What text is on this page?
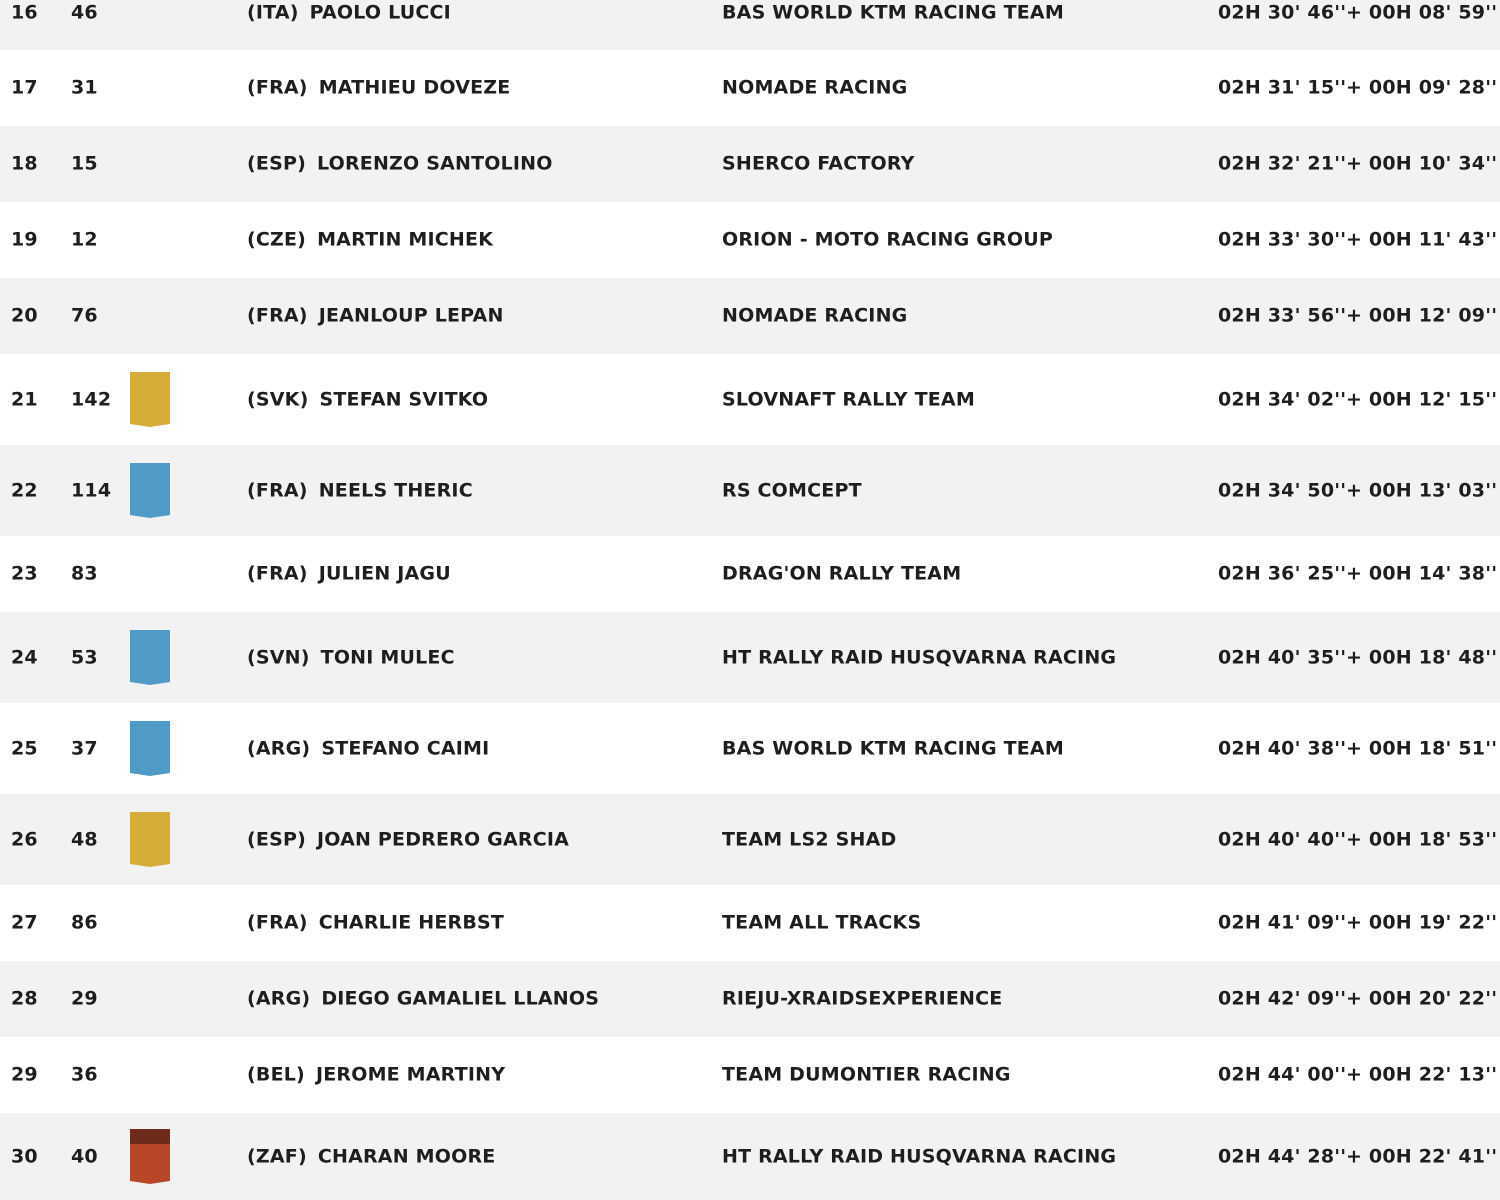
16 46	(ITA) PAOLO LUCCI	BAS WORLD KTM RACING TEAM	02H 30' 46'' + 00H 08' 59''
17 31	(FRA) MATHIEU DOVEZE	NOMADE RACING	02H 31' 15'' + 00H 09' 28''
18 15	(ESP) LORENZO SANTOLINO	SHERCO FACTORY	02H 32' 21'' + 00H 10' 34''
19 12	(CZE) MARTIN MICHEK	ORION - MOTO RACING GROUP	02H 33' 30'' + 00H 11' 43''
20 76	(FRA) JEANLOUP LEPAN	NOMADE RACING	02H 33' 56'' + 00H 12' 09''
21 142	(SVK) STEFAN SVITKO	SLOVNAFT RALLY TEAM	02H 34' 02'' + 00H 12' 15''
22 114	(FRA) NEELS THERIC	RS COMCEPT	02H 34' 50'' + 00H 13' 03''
23 83	(FRA) JULIEN JAGU	DRAG'ON RALLY TEAM	02H 36' 25'' + 00H 14' 38''
24 53	(SVN) TONI MULEC	HT RALLY RAID HUSQVARNA RACING	02H 40' 35'' + 00H 18' 48''
25 37	(ARG) STEFANO CAIMI	BAS WORLD KTM RACING TEAM	02H 40' 38'' + 00H 18' 51''
26 48	(ESP) JOAN PEDRERO GARCIA	TEAM LS2 SHAD	02H 40' 40'' + 00H 18' 53''
27 86	(FRA) CHARLIE HERBST	TEAM ALL TRACKS	02H 41' 09'' + 00H 19' 22''
28 29	(ARG) DIEGO GAMALIEL LLANOS	RIEJU-XRAIDSEXPERIENCE	02H 42' 09'' + 00H 20' 22''
29 36	(BEL) JEROME MARTINY	TEAM DUMONTIER RACING	02H 44' 00'' + 00H 22' 13''
30 40	(ZAF) CHARAN MOORE	HT RALLY RAID HUSQVARNA RACING	02H 44' 28'' + 00H 22' 41''
